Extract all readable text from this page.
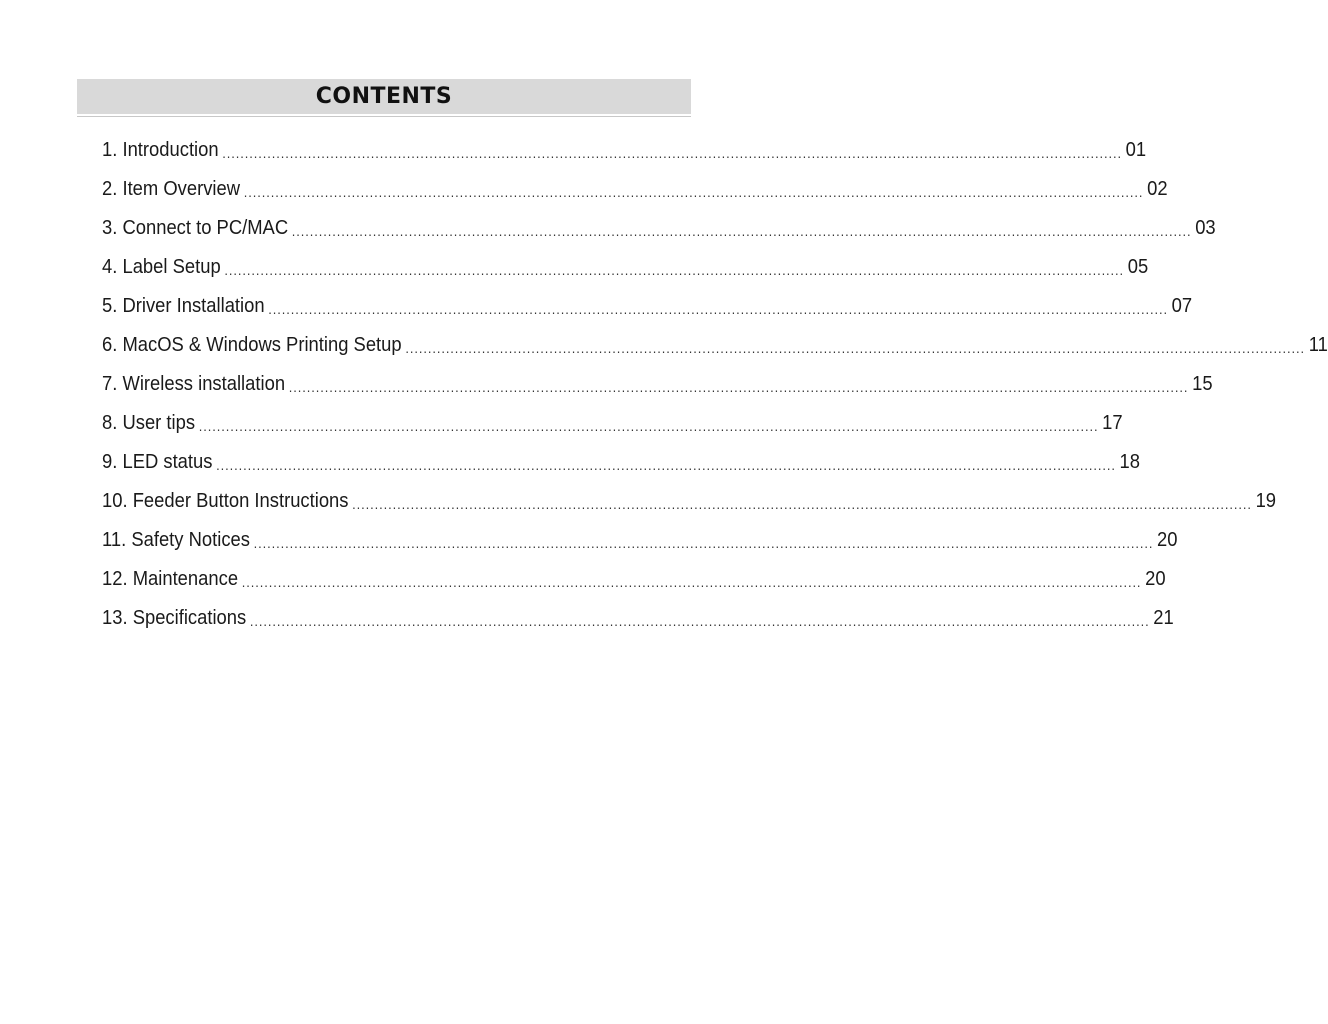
CONTENTS
1. Introduction ........................................................................................................................................................................................................ 01
2. Item Overview ........................................................................................................................................................................................................ 02
3. Connect to PC/MAC ........................................................................................................................................................................................................ 03
4. Label Setup ........................................................................................................................................................................................................ 05
5. Driver Installation ........................................................................................................................................................................................................ 07
6. MacOS & Windows Printing Setup ........................................................................................................................................................................................................ 11
7. Wireless installation ........................................................................................................................................................................................................ 15
8. User tips ........................................................................................................................................................................................................ 17
9. LED status ........................................................................................................................................................................................................ 18
10. Feeder Button Instructions ........................................................................................................................................................................................................ 19
11. Safety Notices ........................................................................................................................................................................................................ 20
12. Maintenance ........................................................................................................................................................................................................ 20
13. Specifications ........................................................................................................................................................................................................ 21
